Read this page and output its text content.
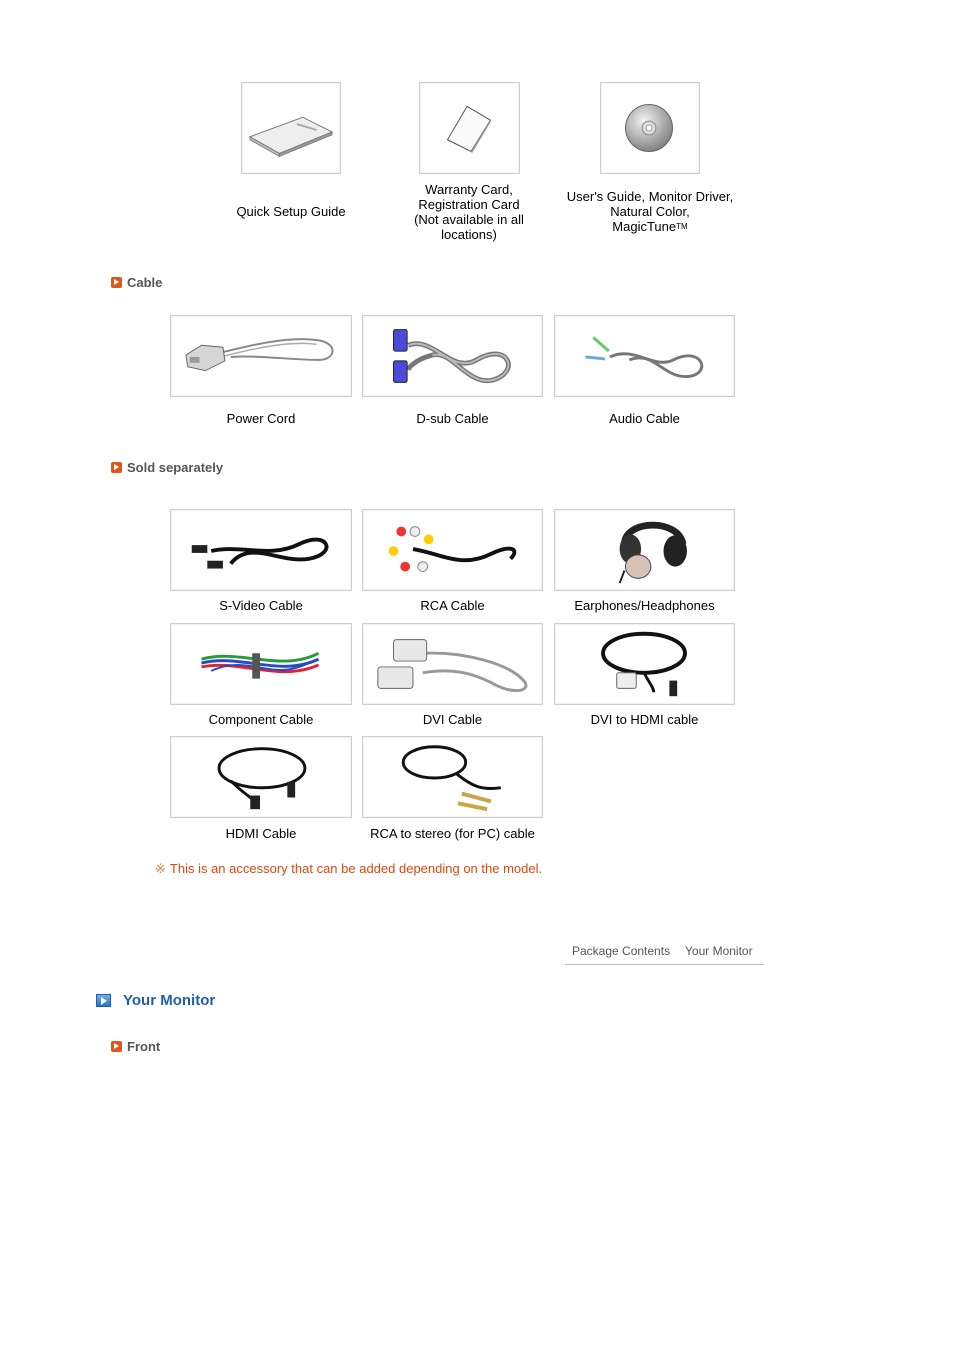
Quick Setup Guide
Warranty Card,
Registration Card
(Not available in all
locations)
User's Guide, Monitor Driver,
Natural Color,
MagicTune™
Cable
Power Cord	D-sub Cable	Audio Cable
Sold separately
S-Video Cable	RCA Cable	Earphones/Headphones
Component Cable	DVI Cable	DVI to HDMI cable
HDMI Cable	RCA to stereo (for PC) cable
※ This is an accessory that can be added depending on the model.
Package Contents Your Monitor
Your Monitor
Front
